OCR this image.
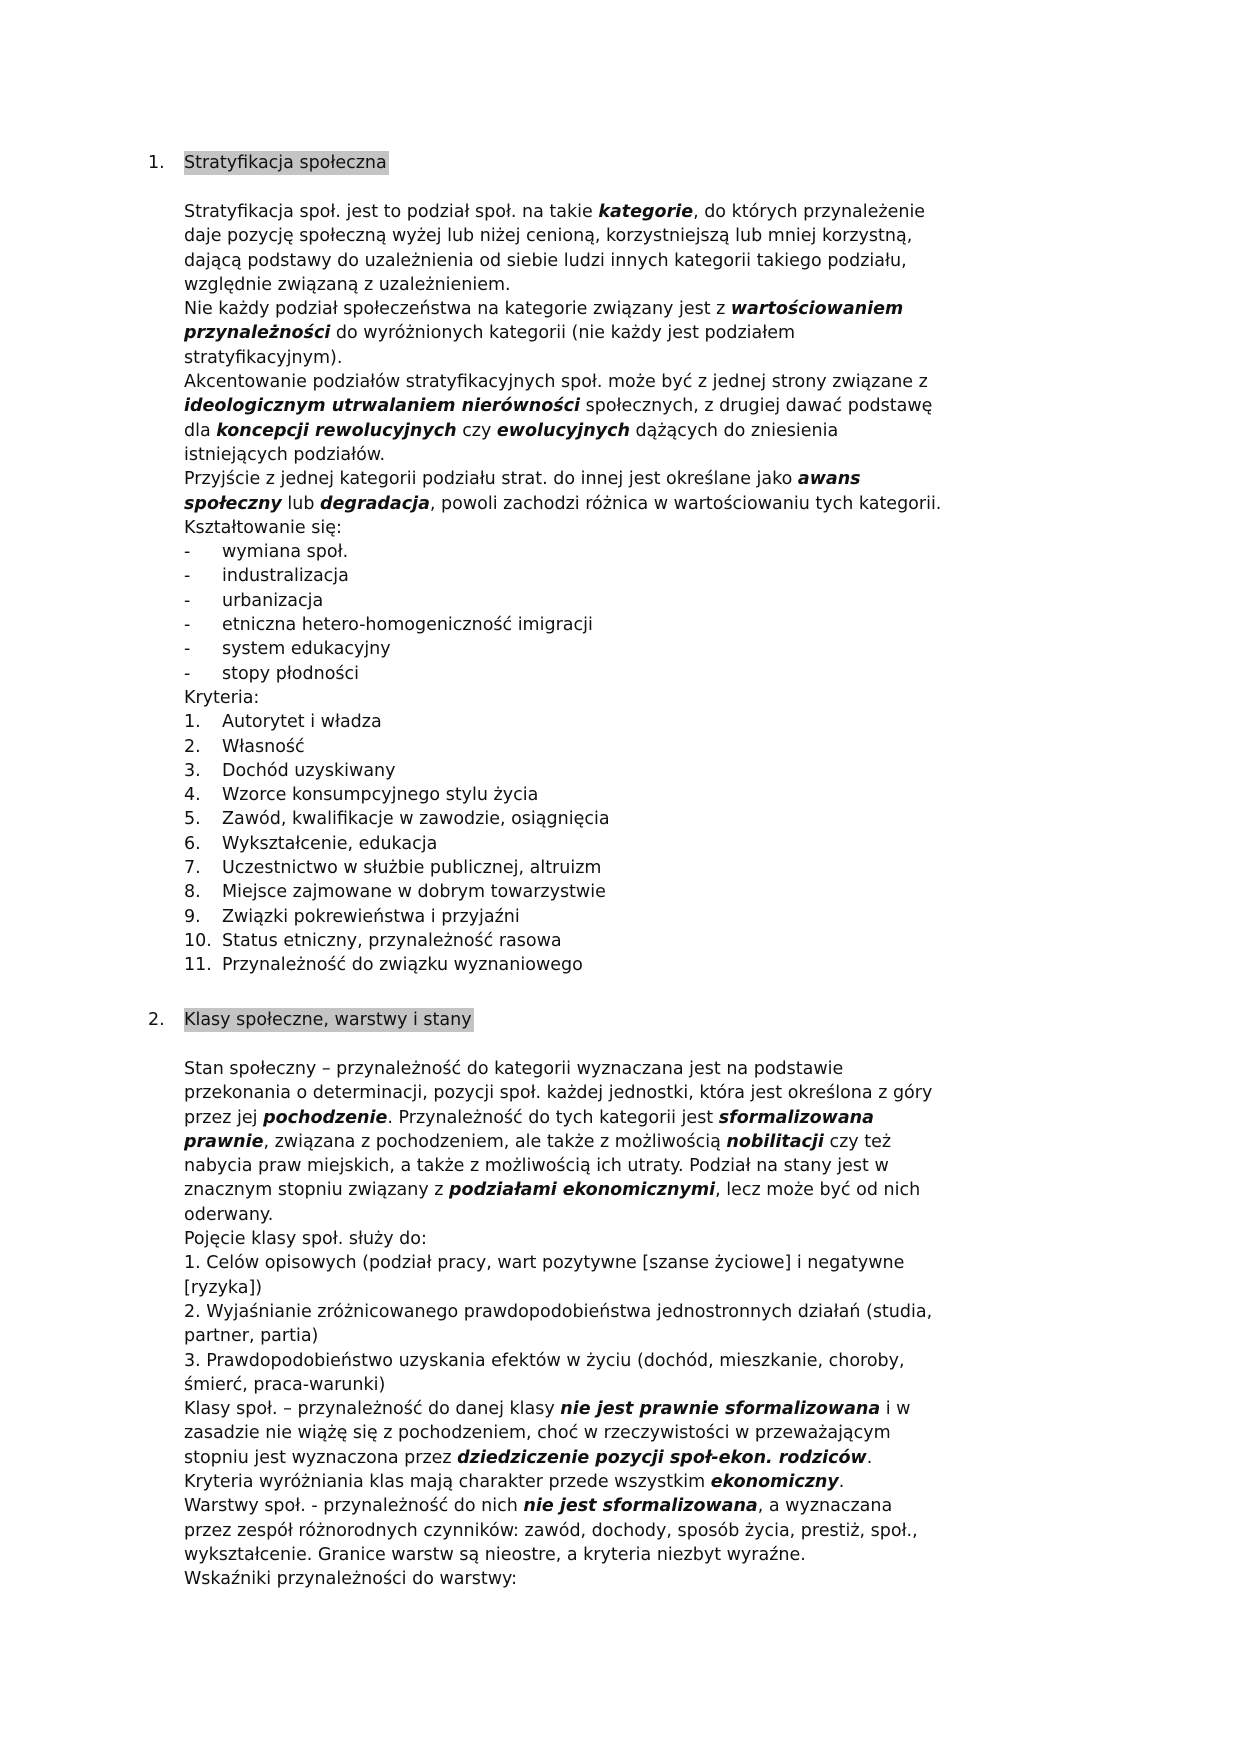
1. Stratyfikacja społeczna
Stratyfikacja społ. jest to podział społ. na takie kategorie, do których przynależenie
daje pozycję społeczną wyżej lub niżej cenioną, korzystniejszą lub mniej korzystną,
dającą podstawy do uzależnienia od siebie ludzi innych kategorii takiego podziału,
względnie związaną z uzależnieniem.
Nie każdy podział społeczeństwa na kategorie związany jest z wartościowaniem
przynależności do wyróżnionych kategorii (nie każdy jest podziałem
stratyfikacyjnym).
Akcentowanie podziałów stratyfikacyjnych społ. może być z jednej strony związane z
ideologicznym utrwalaniem nierówności społecznych, z drugiej dawać podstawę
dla koncepcji rewolucyjnych czy ewolucyjnych dążących do zniesienia
istniejących podziałów.
Przyjście z jednej kategorii podziału strat. do innej jest określane jako awans
społeczny lub degradacja, powoli zachodzi różnica w wartościowaniu tych kategorii.
Kształtowanie się:
- wymiana społ.
- industralizacja
- urbanizacja
- etniczna hetero-homogeniczność imigracji
- system edukacyjny
- stopy płodności
Kryteria:
1. Autorytet i władza
2. Własność
3. Dochód uzyskiwany
4. Wzorce konsumpcyjnego stylu życia
5. Zawód, kwalifikacje w zawodzie, osiągnięcia
6. Wykształcenie, edukacja
7. Uczestnictwo w służbie publicznej, altruizm
8. Miejsce zajmowane w dobrym towarzystwie
9. Związki pokrewieństwa i przyjaźni
10. Status etniczny, przynależność rasowa
11. Przynależność do związku wyznaniowego
2. Klasy społeczne, warstwy i stany
Stan społeczny – przynależność do kategorii wyznaczana jest na podstawie
przekonania o determinacji, pozycji społ. każdej jednostki, która jest określona z góry
przez jej pochodzenie. Przynależność do tych kategorii jest sformalizowana
prawnie, związana z pochodzeniem, ale także z możliwością nobilitacji czy też
nabycia praw miejskich, a także z możliwością ich utraty. Podział na stany jest w
znacznym stopniu związany z podziałami ekonomicznymi, lecz może być od nich
oderwany.
Pojęcie klasy społ. służy do:
1. Celów opisowych (podział pracy, wart pozytywne [szanse życiowe] i negatywne
[ryzyka])
2. Wyjaśnianie zróżnicowanego prawdopodobieństwa jednostronnych działań (studia,
partner, partia)
3. Prawdopodobieństwo uzyskania efektów w życiu (dochód, mieszkanie, choroby,
śmierć, praca-warunki)
Klasy społ. – przynależność do danej klasy nie jest prawnie sformalizowana i w
zasadzie nie wiążę się z pochodzeniem, choć w rzeczywistości w przeważającym
stopniu jest wyznaczona przez dziedziczenie pozycji społ-ekon. rodziców.
Kryteria wyróżniania klas mają charakter przede wszystkim ekonomiczny.
Warstwy społ. - przynależność do nich nie jest sformalizowana, a wyznaczana
przez zespół różnorodnych czynników: zawód, dochody, sposób życia, prestiż, społ.,
wykształcenie. Granice warstw są nieostre, a kryteria niezbyt wyraźne.
Wskaźniki przynależności do warstwy:
